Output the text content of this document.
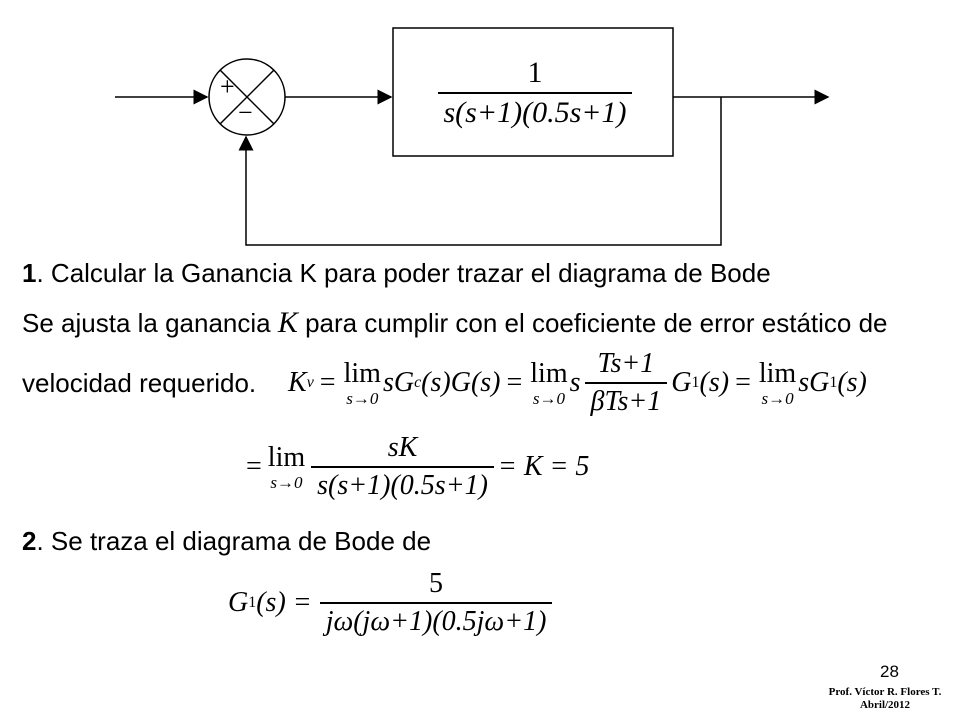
+
−	$\frac{1}{s(s+1)(0.5s+1)}$
1. Calcular la Ganancia K para poder trazar el diagrama de Bode
Se ajusta la ganancia K para cumplir con el coeficiente de error estático de
velocidad requerido. K v = lim
s→0 sG c (s)G(s) = lim
s→0 s $\frac{Ts+1}{\text{βTs+1}}$ G 1 (s) = lim
s→0 sG 1 (s)
= lim
$s\to 0 \frac{sK}{s(s+1)(0.5s+1)} = K = 5$
2. Se traza el diagrama de Bode de
G 1 $(s) = \frac{5}{j\omega(j\omega+1)(0.5j\omega+1)}$
28
Prof. Víctor R. Flores T.
Abril/2012
